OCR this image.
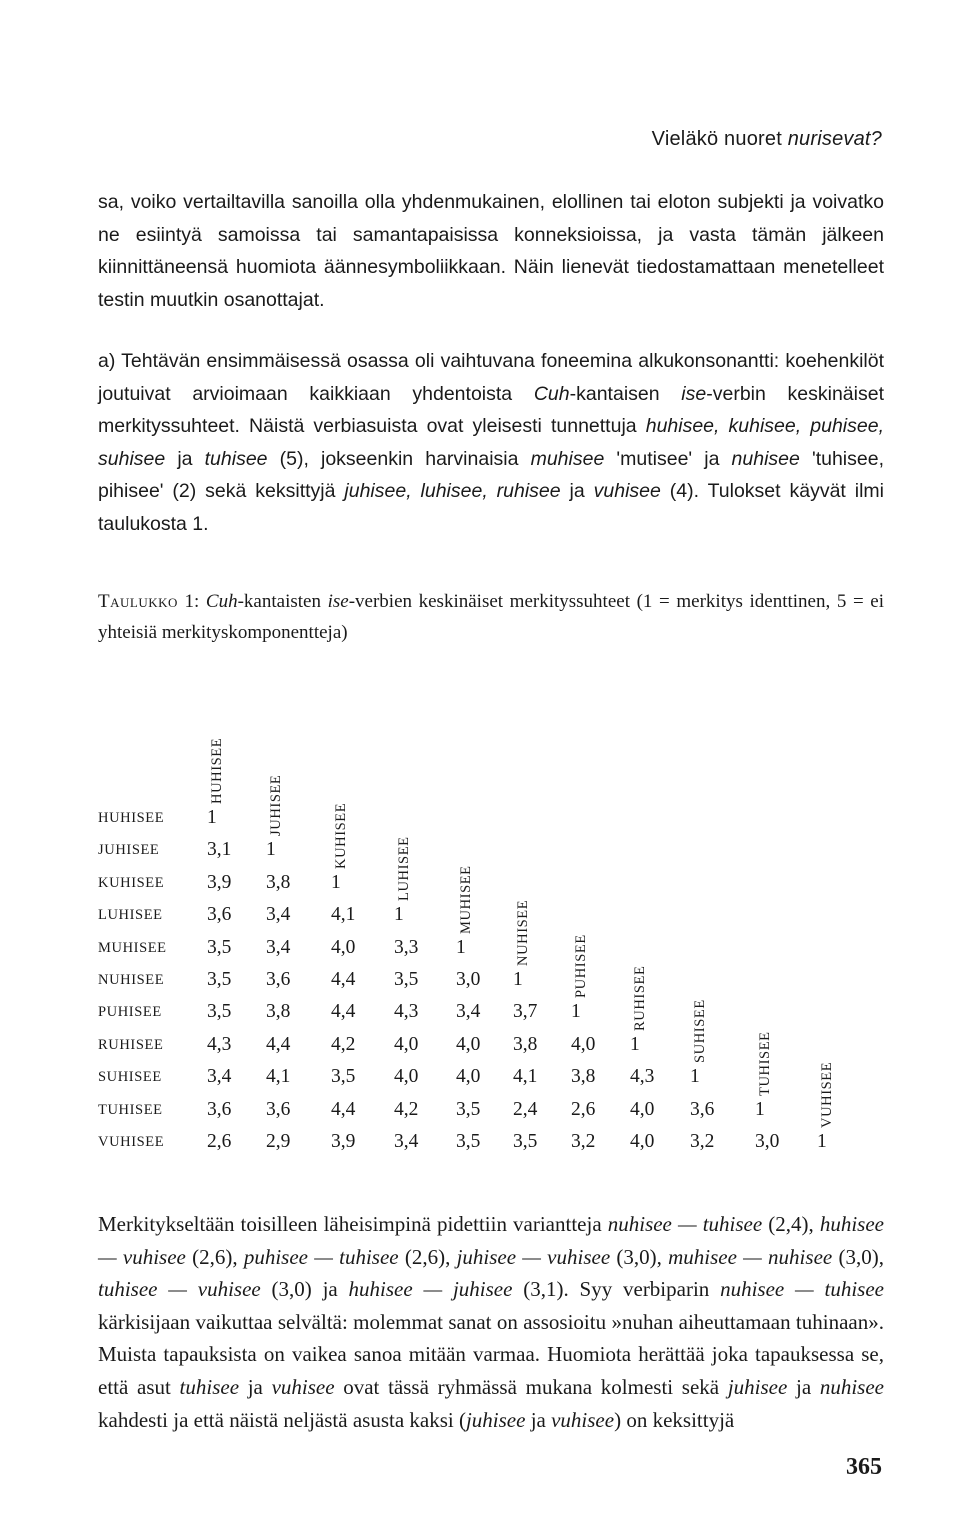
Vieläkö nuoret nurisevat?

sa, voiko vertailtavilla sanoilla olla yhdenmukainen, elollinen tai eloton subjekti ja voivatko ne esiintyä samoissa tai samantapaisissa konneksioissa, ja vasta tämän jälkeen kiinnittäneensä huomiota äännesymboliikkaan. Näin lienevät tiedostamattaan menetelleet testin muutkin osanottajat.

a) Tehtävän ensimmäisessä osassa oli vaihtuvana foneemina alkukonsonantti: koehenkilöt joutuivat arvioimaan kaikkiaan yhdentoista Cuh-kantaisen ise-verbin keskinäiset merkityssuhteet. Näistä verbiasuista ovat yleisesti tunnettuja huhisee, kuhisee, puhisee, suhisee ja tuhisee (5), jokseenkin harvinaisia muhisee 'mutisee' ja nuhisee 'tuhisee, pihisee' (2) sekä keksittyjä juhisee, luhisee, ruhisee ja vuhisee (4). Tulokset käyvät ilmi taulukosta 1.

Taulukko 1: Cuh-kantaisten ise-verbien keskinäiset merkityssuhteet (1 = merkitys identtinen, 5 = ei yhteisiä merkityskomponentteja)

HUHISEE 1
HUHISEE
JUHISEE 3,1 1
JUHISEE
KUHISEE 3,9 3,8 1
KUHISEE
LUHISEE 3,6 3,4 4,1 1
LUHISEE
MUHISEE 3,5 3,4 4,0 3,3 1
MUHISEE
NUHISEE 3,5 3,6 4,4 3,5 3,0 1
NUHISEE
PUHISEE 3,5 3,8 4,4 4,3 3,4 3,7 1
PUHISEE
RUHISEE 4,3 4,4 4,2 4,0 4,0 3,8 4,0 1
RUHISEE
SUHISEE 3,4 4,1 3,5 4,0 4,0 4,1 3,8 4,3 1
SUHISEE
TUHISEE 3,6 3,6 4,4 4,2 3,5 2,4 2,6 4,0 3,6 1
TUHISEE
VUHISEE 2,6 2,9 3,9 3,4 3,5 3,5 3,2 4,0 3,2 3,0 1
VUHISEE

Merkitykseltään toisilleen läheisimpinä pidettiin variantteja nuhisee — tuhisee (2,4), huhisee — vuhisee (2,6), puhisee — tuhisee (2,6), juhisee — vuhisee (3,0), muhisee — nuhisee (3,0), tuhisee — vuhisee (3,0) ja huhisee — juhisee (3,1). Syy verbiparin nuhisee — tuhisee kärkisijaan vaikuttaa selvältä: molemmat sanat on assosioitu »nuhan aiheuttamaan tuhinaan». Muista tapauksista on vaikea sanoa mitään varmaa. Huomiota herättää joka tapauksessa se, että asut tuhisee ja vuhisee ovat tässä ryhmässä mukana kolmesti sekä juhisee ja nuhisee kahdesti ja että näistä neljästä asusta kaksi (juhisee ja vuhisee) on keksittyjä

365
